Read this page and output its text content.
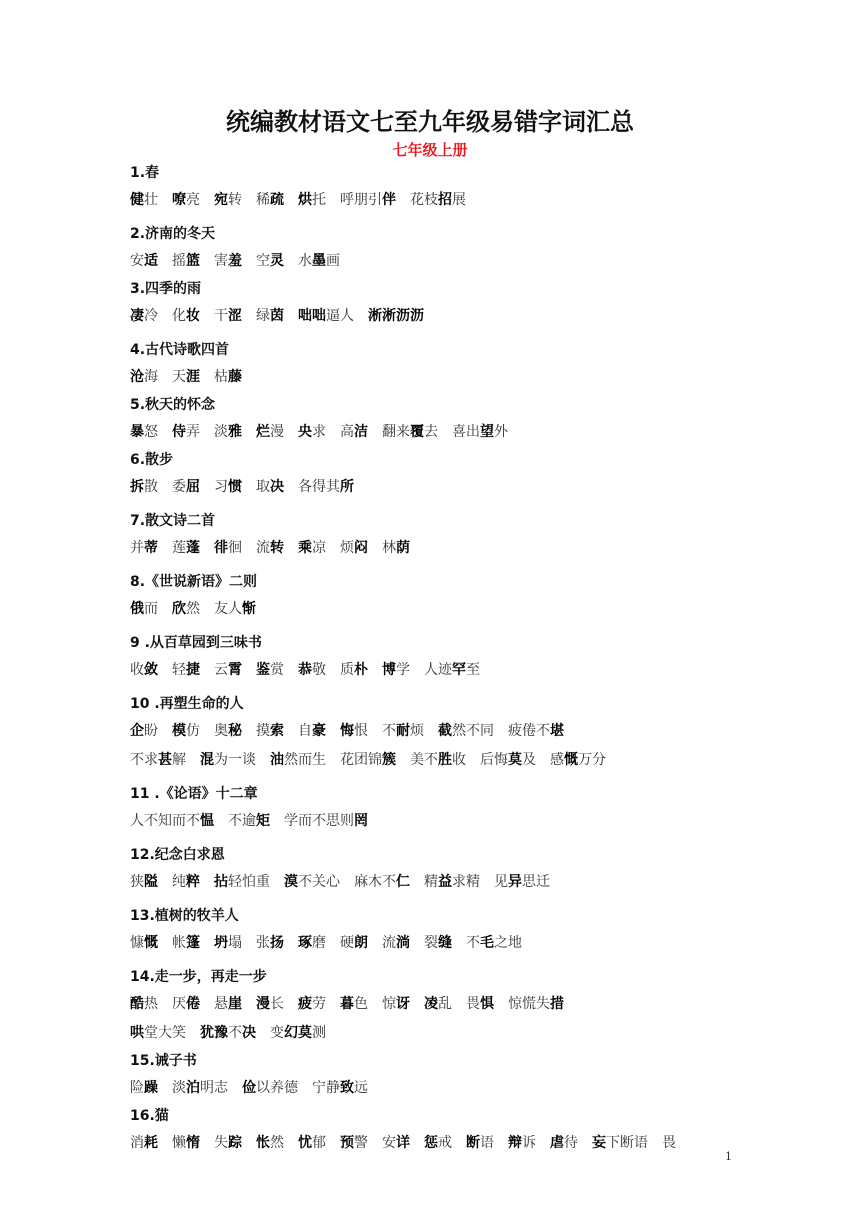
统编教材语文七至九年级易错字词汇总
七年级上册
1.春
健壮 嘹亮 宛转 稀疏 烘托 呼朋引伴 花枝招展
2.济南的冬天
安适 摇篮 害羞 空灵 水墨画
3.四季的雨
凄冷 化妆 干涩 绿茵 咄咄逼人 淅淅沥沥
4.古代诗歌四首
沧海 天涯 枯藤
5.秋天的怀念
暴怒 侍弄 淡雅 烂漫 央求 高洁 翻来覆去 喜出望外
6.散步
拆散 委屈 习惯 取决 各得其所
7.散文诗二首
并蒂 莲蓬 徘徊 流转 乘凉 烦闷 林荫
8.《世说新语》二则
俄而 欣然 友人惭
9 .从百草园到三味书
收敛 轻捷 云霄 鉴赏 恭敬 质朴 博学 人迹罕至
10 .再塑生命的人
企盼 模仿 奥秘 摸索 自豪 悔恨 不耐烦 截然不同 疲倦不堪
不求甚解 混为一谈 油然而生 花团锦簇 美不胜收 后悔莫及 感慨万分
11 .《论语》十二章
人不知而不愠 不逾矩 学而不思则罔
12.纪念白求恩
狭隘 纯粹 拈轻怕重 漠不关心 麻木不仁 精益求精 见异思迁
13.植树的牧羊人
慷慨 帐篷 坍塌 张扬 琢磨 硬朗 流淌 裂缝 不毛之地
14.走一步，再走一步
酷热 厌倦 悬崖 漫长 疲劳 暮色 惊讶 凌乱 畏惧 惊慌失措
哄堂大笑 犹豫不决 变幻莫测
15.诫子书
险躁 淡泊明志 俭以养德 宁静致远
16.猫
消耗 懒惰 失踪 怅然 忧郁 预警 安详 惩戒 断语 辩诉 虐待 妄下断语 畏
1
